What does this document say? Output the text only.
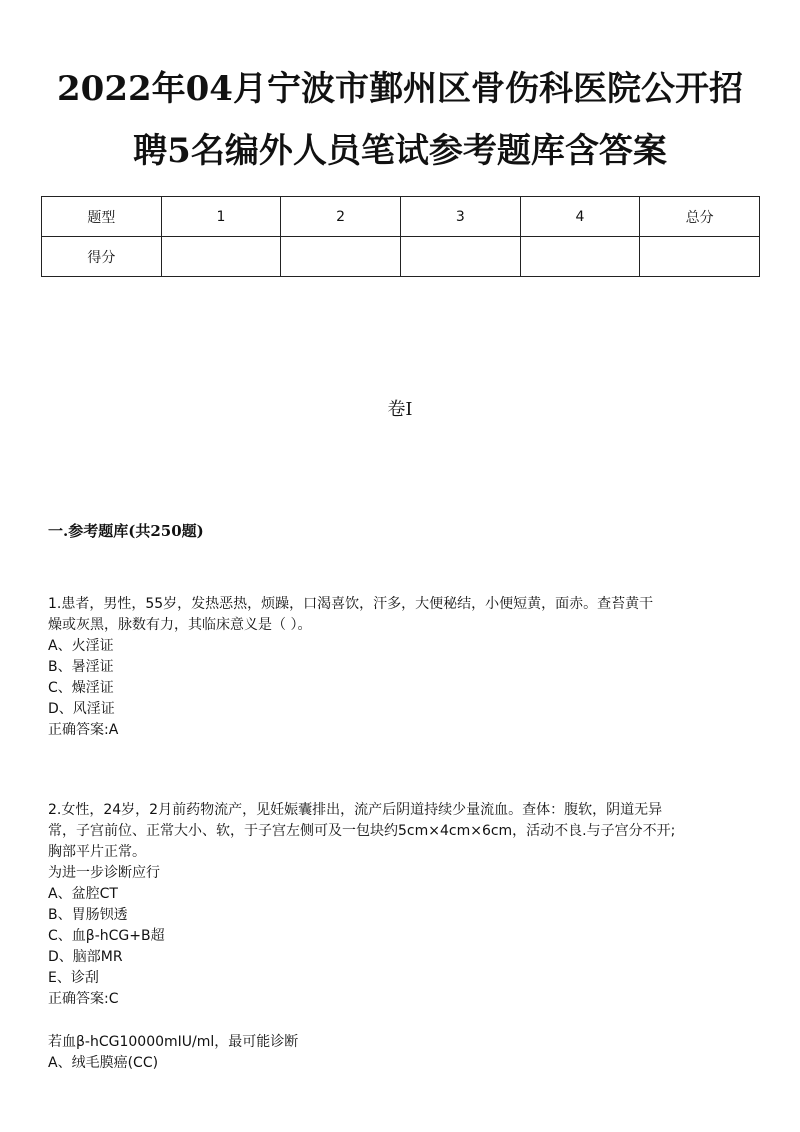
2022年04月宁波市鄞州区骨伤科医院公开招
聘5名编外人员笔试参考题库含答案
题型	1	2	3	4	总分
得分					
卷I
一.参考题库(共250题)
1.患者，男性，55岁，发热恶热，烦躁，口渴喜饮，汗多，大便秘结，小便短黄，面赤。查苔黄干
燥或灰黑，脉数有力，其临床意义是（ ）。
A、火淫证
B、暑淫证
C、燥淫证
D、风淫证
正确答案:A
2.女性，24岁，2月前药物流产，见妊娠囊排出，流产后阴道持续少量流血。查体：腹软，阴道无异
常，子宫前位、正常大小、软，于子宫左侧可及一包块约5cm×4cm×6cm，活动不良.与子宫分不开;
胸部平片正常。
为进一步诊断应行
A、盆腔CT
B、胃肠钡透
C、血β-hCG+B超
D、脑部MR
E、诊刮
正确答案:C
若血β-hCG10000mIU/ml，最可能诊断
A、绒毛膜癌(CC)
